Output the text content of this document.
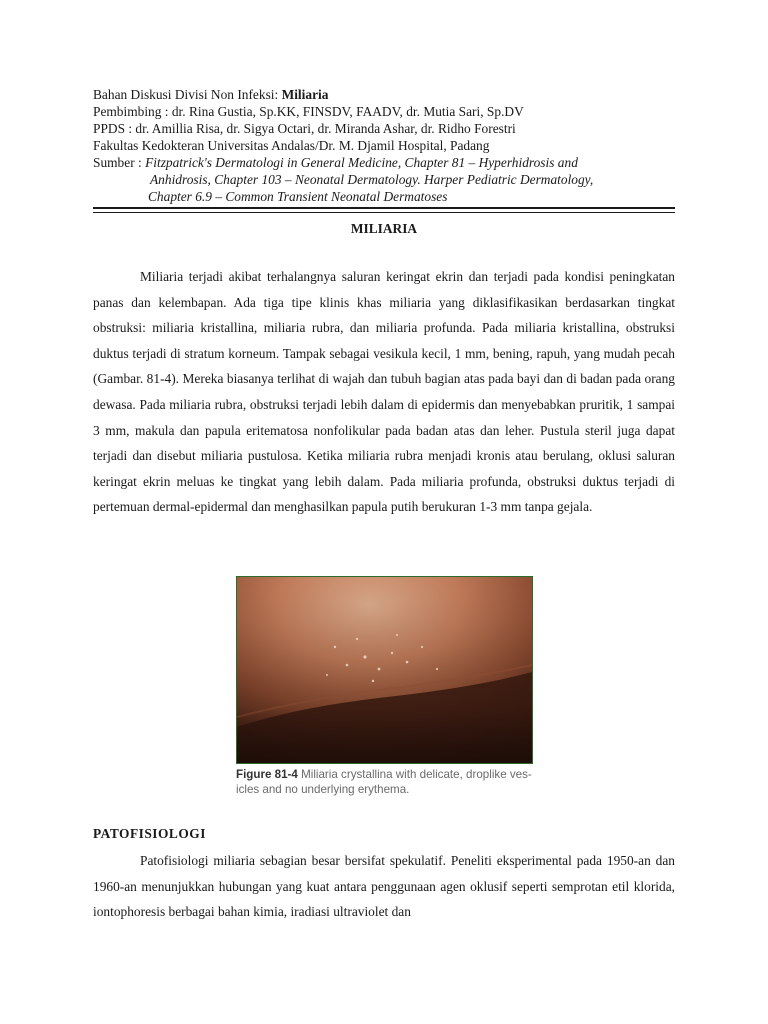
Bahan Diskusi Divisi Non Infeksi: Miliaria
Pembimbing : dr. Rina Gustia, Sp.KK, FINSDV, FAADV, dr. Mutia Sari, Sp.DV
PPDS : dr. Amillia Risa, dr. Sigya Octari, dr. Miranda Ashar, dr. Ridho Forestri
Fakultas Kedokteran Universitas Andalas/Dr. M. Djamil Hospital, Padang
Sumber : Fitzpatrick's Dermatologi in General Medicine, Chapter 81 – Hyperhidrosis and
Anhidrosis, Chapter 103 – Neonatal Dermatology. Harper Pediatric Dermatology,
Chapter 6.9 – Common Transient Neonatal Dermatoses
MILIARIA

Miliaria terjadi akibat terhalangnya saluran keringat ekrin dan terjadi pada kondisi peningkatan panas dan kelembapan. Ada tiga tipe klinis khas miliaria yang diklasifikasikan berdasarkan tingkat obstruksi: miliaria kristallina, miliaria rubra, dan miliaria profunda. Pada miliaria kristallina, obstruksi duktus terjadi di stratum korneum. Tampak sebagai vesikula kecil, 1 mm, bening, rapuh, yang mudah pecah (Gambar. 81-4). Mereka biasanya terlihat di wajah dan tubuh bagian atas pada bayi dan di badan pada orang dewasa. Pada miliaria rubra, obstruksi terjadi lebih dalam di epidermis dan menyebabkan pruritik, 1 sampai 3 mm, makula dan papula eritematosa nonfolikular pada badan atas dan leher. Pustula steril juga dapat terjadi dan disebut miliaria pustulosa. Ketika miliaria rubra menjadi kronis atau berulang, oklusi saluran keringat ekrin meluas ke tingkat yang lebih dalam. Pada miliaria profunda, obstruksi duktus terjadi di pertemuan dermal-epidermal dan menghasilkan papula putih berukuran 1-3 mm tanpa gejala.

Figure 81-4 Miliaria crystallina with delicate, droplike ves-
icles and no underlying erythema.
PATOFISIOLOGI

Patofisiologi miliaria sebagian besar bersifat spekulatif. Peneliti eksperimental pada 1950-an dan 1960-an menunjukkan hubungan yang kuat antara penggunaan agen oklusif seperti semprotan etil klorida, iontophoresis berbagai bahan kimia, iradiasi ultraviolet dan
